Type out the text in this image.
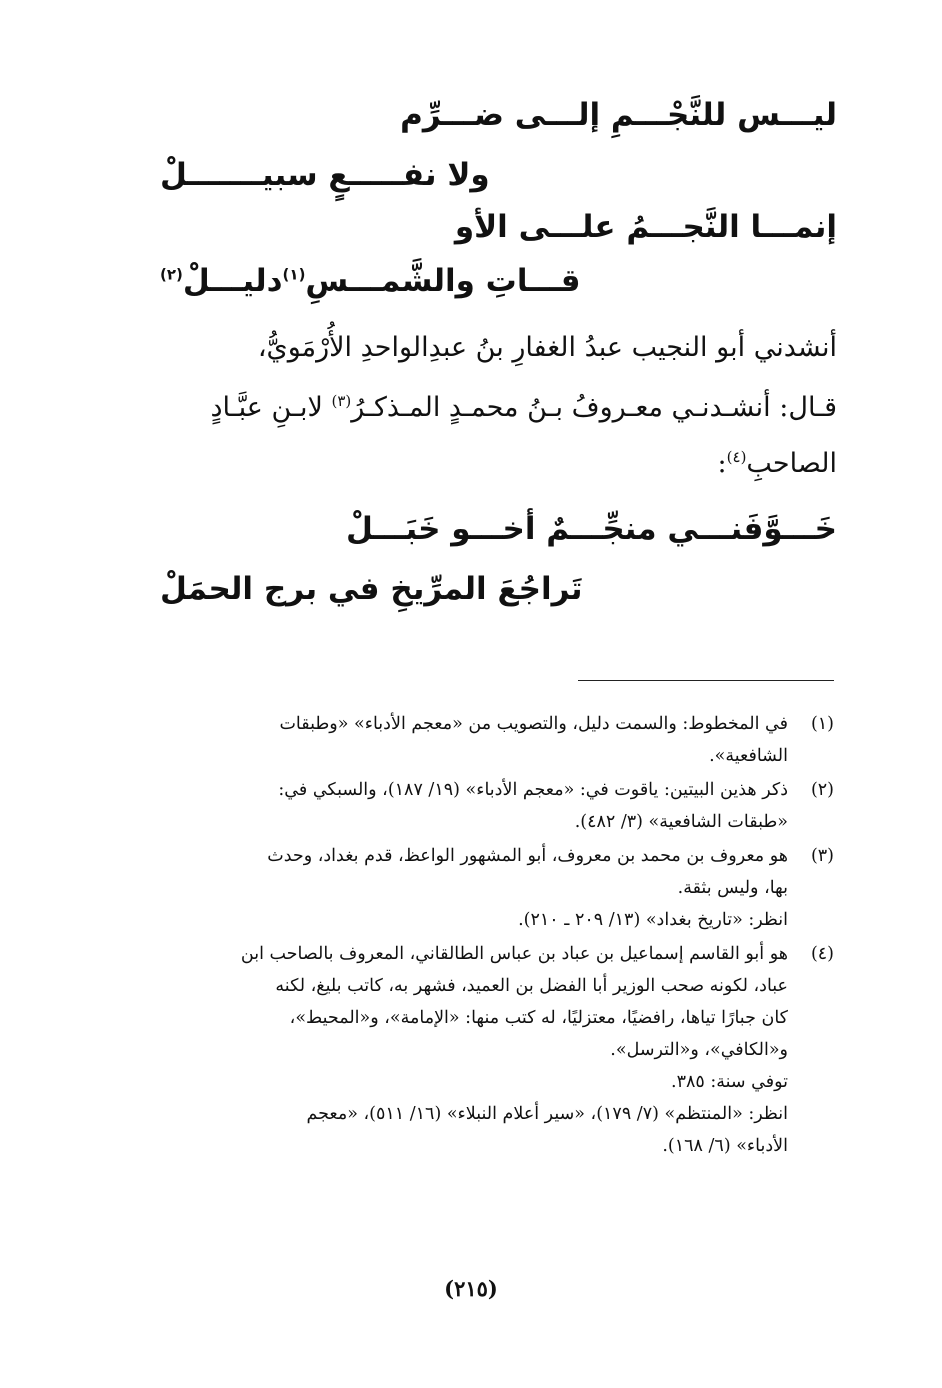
ليـــس للنَّجْـــمِ إلـــى ضـــرِّم
ولا نفـــــعٍ سبيـــــــلْ
إنمـــا النَّجـــمُ علـــى الأو
قـــاتِ والشَّمـــسِ$^{(١)}$دليـــلْ$^{(٢)}$
أنشدني أبو النجيب عبدُ الغفارِ بنُ عبدِالواحدِ الأُرْمَويُّ،
قـال: أنشـدنـي معـروفُ بـنُ محمـدٍ المـذكـرُ$^{(٣)}$ لابـنِ عبَّـادٍ
الصاحبِ$^{(٤)}$:
خَـــوَّفَنـــي منجِّـــمٌ أخـــو خَبَـــلْ
تَراجُعَ المرِّيخِ في برج الحمَلْ
(١)
في المخطوط: والسمت دليل، والتصويب من «معجم الأدباء» «وطبقات
الشافعية».
(٢)
ذكر هذين البيتين: ياقوت في: «معجم الأدباء» (١٩/ ١٨٧)، والسبكي في:
«طبقات الشافعية» (٣/ ٤٨٢).
(٣)
هو معروف بن محمد بن معروف، أبو المشهور الواعظ، قدم بغداد، وحدث
بها، وليس بثقة.
انظر: «تاريخ بغداد» (١٣/ ٢٠٩ ـ ٢١٠).
(٤)
هو أبو القاسم إسماعيل بن عباد بن عباس الطالقاني، المعروف بالصاحب ابن
عباد، لكونه صحب الوزير أبا الفضل بن العميد، فشهر به، كاتب بليغ، لكنه
كان جبارًا تياها، رافضيًا، معتزليًا، له كتب منها: «الإمامة»، و«المحيط»،
و«الكافي»، و«الترسل».
توفي سنة: ٣٨٥.
انظر: «المنتظم» (٧/ ١٧٩)، «سير أعلام النبلاء» (١٦/ ٥١١)، «معجم
الأدباء» (٦/ ١٦٨).
(٢١٥)
